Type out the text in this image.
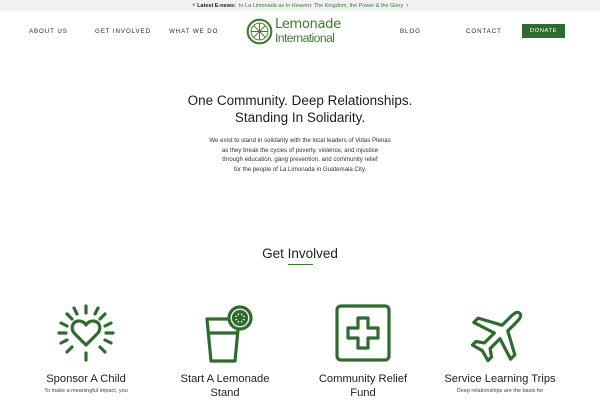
⚡ Latest E-news: In La Limonada as In Heaven: The Kingdom, the Power & the Glory ›
ABOUT US	GET INVOLVED	WHAT WE DO	Lemonade
International	BLOG	CONTACT	DONATE
One Community. Deep Relationships.
Standing In Solidarity.
We exist to stand in solidarity with the local leaders of Vidas Plenas
as they break the cycles of poverty, violence, and injustice
through education, gang prevention, and community relief
for the people of La Limonada in Guatemala City.
Get Involved
Sponsor A Child
To make a meaningful impact, you
Start A Lemonade
Stand
Community Relief
Fund
Service Learning Trips
Deep relationships are the basis for
